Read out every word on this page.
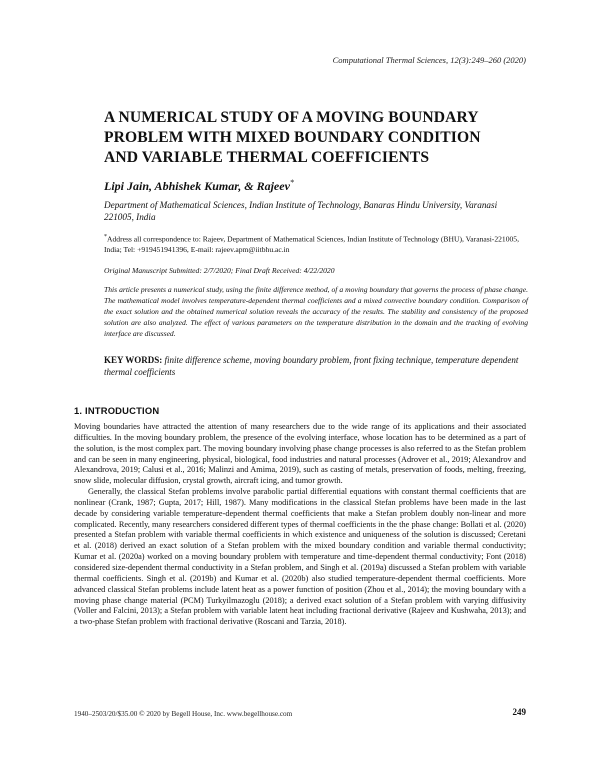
Computational Thermal Sciences, 12(3):249–260 (2020)
A NUMERICAL STUDY OF A MOVING BOUNDARY
PROBLEM WITH MIXED BOUNDARY CONDITION
AND VARIABLE THERMAL COEFFICIENTS
Lipi Jain, Abhishek Kumar, & Rajeev*
Department of Mathematical Sciences, Indian Institute of Technology, Banaras Hindu University, Varanasi 221005, India
*Address all correspondence to: Rajeev, Department of Mathematical Sciences, Indian Institute of Technology (BHU), Varanasi-221005, India; Tel: +919451941396, E-mail: rajeev.apm@iitbhu.ac.in
Original Manuscript Submitted: 2/7/2020; Final Draft Received: 4/22/2020
This article presents a numerical study, using the finite difference method, of a moving boundary that governs the process of phase change. The mathematical model involves temperature-dependent thermal coefficients and a mixed convective boundary condition. Comparison of the exact solution and the obtained numerical solution reveals the accuracy of the results. The stability and consistency of the proposed solution are also analyzed. The effect of various parameters on the temperature distribution in the domain and the tracking of evolving interface are discussed.
KEY WORDS: finite difference scheme, moving boundary problem, front fixing technique, temperature dependent thermal coefficients
1. INTRODUCTION

Moving boundaries have attracted the attention of many researchers due to the wide range of its applications and their associated difficulties. In the moving boundary problem, the presence of the evolving interface, whose location has to be determined as a part of the solution, is the most complex part. The moving boundary involving phase change processes is also referred to as the Stefan problem and can be seen in many engineering, physical, biological, food industries and natural processes (Adrover et al., 2019; Alexandrov and Alexandrova, 2019; Calusi et al., 2016; Malinzi and Amima, 2019), such as casting of metals, preservation of foods, melting, freezing, snow slide, molecular diffusion, crystal growth, aircraft icing, and tumor growth.

Generally, the classical Stefan problems involve parabolic partial differential equations with constant thermal coefficients that are nonlinear (Crank, 1987; Gupta, 2017; Hill, 1987). Many modifications in the classical Stefan problems have been made in the last decade by considering variable temperature-dependent thermal coefficients that make a Stefan problem doubly non-linear and more complicated. Recently, many researchers considered different types of thermal coefficients in the the phase change: Bollati et al. (2020) presented a Stefan problem with variable thermal coefficients in which existence and uniqueness of the solution is discussed; Ceretani et al. (2018) derived an exact solution of a Stefan problem with the mixed boundary condition and variable thermal conductivity; Kumar et al. (2020a) worked on a moving boundary problem with temperature and time-dependent thermal conductivity; Font (2018) considered size-dependent thermal conductivity in a Stefan problem, and Singh et al. (2019a) discussed a Stefan problem with variable thermal coefficients. Singh et al. (2019b) and Kumar et al. (2020b) also studied temperature-dependent thermal coefficients. More advanced classical Stefan problems include latent heat as a power function of position (Zhou et al., 2014); the moving boundary with a moving phase change material (PCM) Turkyilmazoglu (2018); a derived exact solution of a Stefan problem with varying diffusivity (Voller and Falcini, 2013); a Stefan problem with variable latent heat including fractional derivative (Rajeev and Kushwaha, 2013); and a two-phase Stefan problem with fractional derivative (Roscani and Tarzia, 2018).

1940–2503/20/$35.00 © 2020 by Begell House, Inc. www.begellhouse.com	249
